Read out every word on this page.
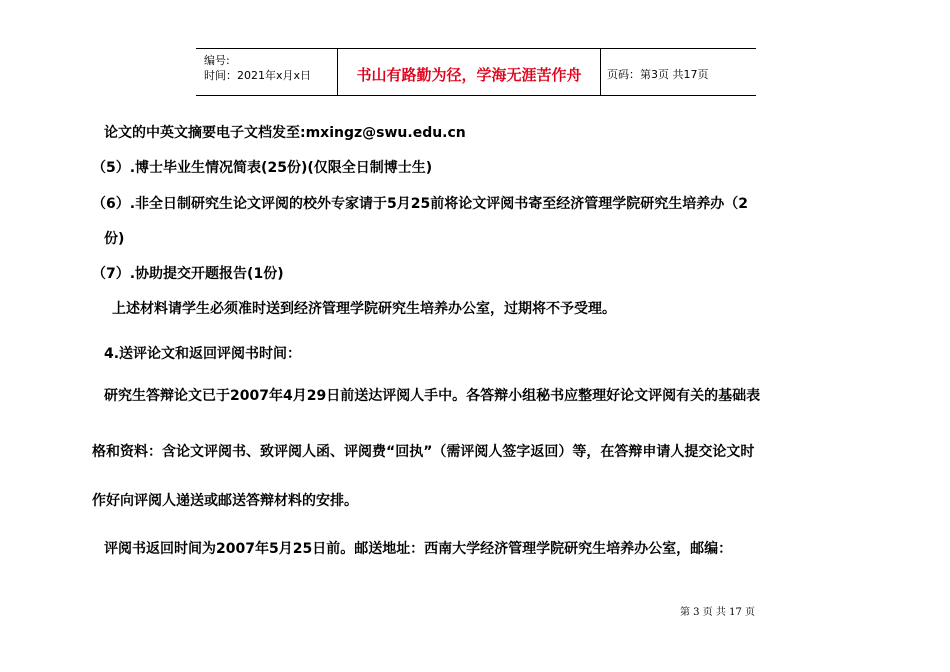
编号:
时间：2021年x月x日	书山有路勤为径，学海无涯苦作舟	页码：第3页 共17页
论文的中英文摘要电子文档发至:mxingz@swu.edu.cn
（5）.博士毕业生情况简表(25份)(仅限全日制博士生)
（6）.非全日制研究生论文评阅的校外专家请于5月25前将论文评阅书寄至经济管理学院研究生培养办（2
份)
（7）.协助提交开题报告(1份)
上述材料请学生必须准时送到经济管理学院研究生培养办公室，过期将不予受理。
4.送评论文和返回评阅书时间：
研究生答辩论文已于2007年4月29日前送达评阅人手中。各答辩小组秘书应整理好论文评阅有关的基础表
格和资料：含论文评阅书、致评阅人函、评阅费“回执”（需评阅人签字返回）等，在答辩申请人提交论文时
作好向评阅人递送或邮送答辩材料的安排。
评阅书返回时间为2007年5月25日前。邮送地址：西南大学经济管理学院研究生培养办公室，邮编：
第 3 页 共 17 页
